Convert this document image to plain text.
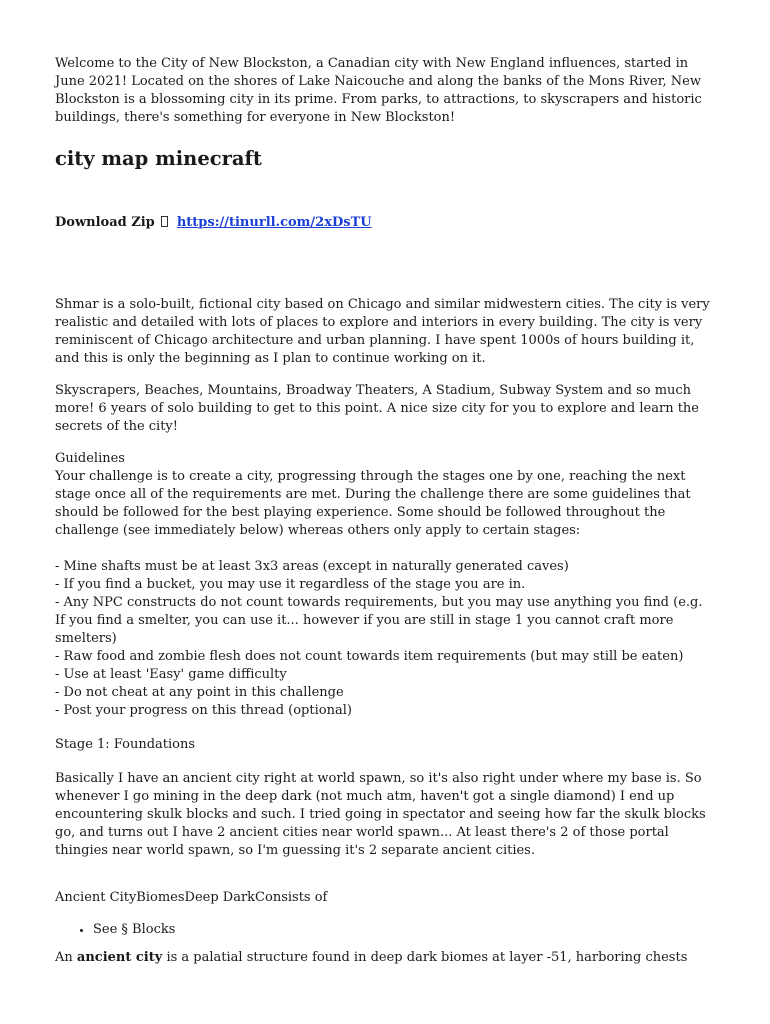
Welcome to the City of New Blockston, a Canadian city with New England influences, started in June 2021! Located on the shores of Lake Naicouche and along the banks of the Mons River, New Blockston is a blossoming city in its prime. From parks, to attractions, to skyscrapers and historic buildings, there's something for everyone in New Blockston!

city map minecraft

Download Zip https://tinurll.com/2xDsTU

Shmar is a solo-built, fictional city based on Chicago and similar midwestern cities. The city is very realistic and detailed with lots of places to explore and interiors in every building. The city is very reminiscent of Chicago architecture and urban planning. I have spent 1000s of hours building it, and this is only the beginning as I plan to continue working on it.

Skyscrapers, Beaches, Mountains, Broadway Theaters, A Stadium, Subway System and so much more! 6 years of solo building to get to this point. A nice size city for you to explore and learn the secrets of the city!

Guidelines

Your challenge is to create a city, progressing through the stages one by one, reaching the next stage once all of the requirements are met. During the challenge there are some guidelines that should be followed for the best playing experience. Some should be followed throughout the challenge (see immediately below) whereas others only apply to certain stages:

- Mine shafts must be at least 3x3 areas (except in naturally generated caves)

- If you find a bucket, you may use it regardless of the stage you are in.

- Any NPC constructs do not count towards requirements, but you may use anything you find (e.g. If you find a smelter, you can use it... however if you are still in stage 1 you cannot craft more smelters)

- Raw food and zombie flesh does not count towards item requirements (but may still be eaten)

- Use at least 'Easy' game difficulty

- Do not cheat at any point in this challenge

- Post your progress on this thread (optional)

Stage 1: Foundations

Basically I have an ancient city right at world spawn, so it's also right under where my base is. So whenever I go mining in the deep dark (not much atm, haven't got a single diamond) I end up encountering skulk blocks and such. I tried going in spectator and seeing how far the skulk blocks go, and turns out I have 2 ancient cities near world spawn... At least there's 2 of those portal thingies near world spawn, so I'm guessing it's 2 separate ancient cities.

Ancient CityBiomesDeep DarkConsists of

• See § Blocks

An ancient city is a palatial structure found in deep dark biomes at layer -51, harboring chests
